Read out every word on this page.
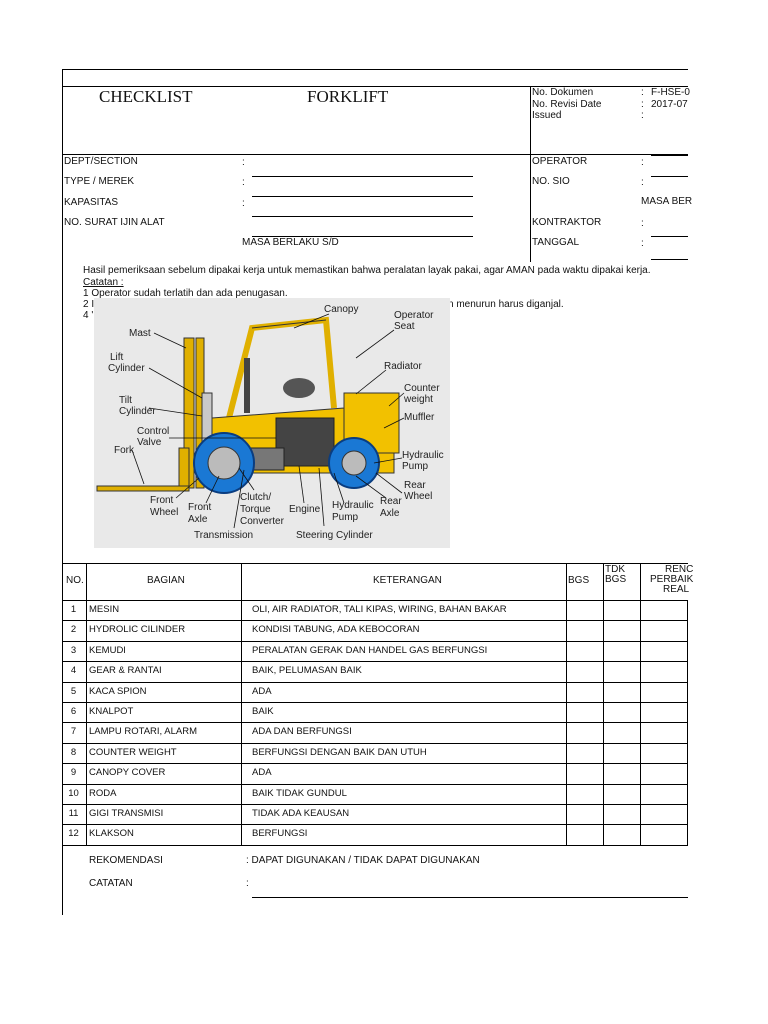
CHECKLIST	FORKLIFT	No. Dokumen	: F-HSE-0
No. Revisi Date	: 2017-07
Issued	:
DEPT/SECTION	:
TYPE / MEREK	:
KAPASITAS	:
NO. SURAT IJIN ALAT
MASA BERLAKU S/D
OPERATOR	:
NO. SIO	:
MASA BER
KONTRAKTOR	:
TANGGAL	:
Hasil pemeriksaan sebelum dipakai kerja untuk memastikan bahwa peralatan layak pakai, agar AMAN pada waktu dipakai kerja.
Catatan :
1 Operator sudah terlatih dan ada penugasan.
2 I	n menurun harus diganjal.
4 '
Canopy
Operator
Seat
Mast
Lift
Cylinder	Radiator
Counter
weight
Tilt
Cylinder
Muffler
Control
Valve
Fork	Hydraulic
Pump
Rear
Wheel
Front
Wheel Front
Axle
Clutch/
Torque
Converter
Engine Hydraulic
Pump
Rear
Axle
Transmission	Steering Cylinder
NO.	BAGIAN	KETERANGAN	BGS
TDK
BGS
RENC
PERBAIK
REAL
1	MESIN	OLI, AIR RADIATOR, TALI KIPAS, WIRING, BAHAN BAKAR
2	HYDROLIC CILINDER	KONDISI TABUNG, ADA KEBOCORAN
3	KEMUDI	PERALATAN GERAK DAN HANDEL GAS BERFUNGSI
4	GEAR & RANTAI	BAIK, PELUMASAN BAIK
5	KACA SPION	ADA
6	KNALPOT	BAIK
7	LAMPU ROTARI, ALARM	ADA DAN BERFUNGSI
8	COUNTER WEIGHT	BERFUNGSI DENGAN BAIK DAN UTUH
9	CANOPY COVER	ADA
10	RODA	BAIK TIDAK GUNDUL
11	GIGI TRANSMISI	TIDAK ADA KEAUSAN
12	KLAKSON	BERFUNGSI
REKOMENDASI	: DAPAT DIGUNAKAN / TIDAK DAPAT DIGUNAKAN
CATATAN	:
